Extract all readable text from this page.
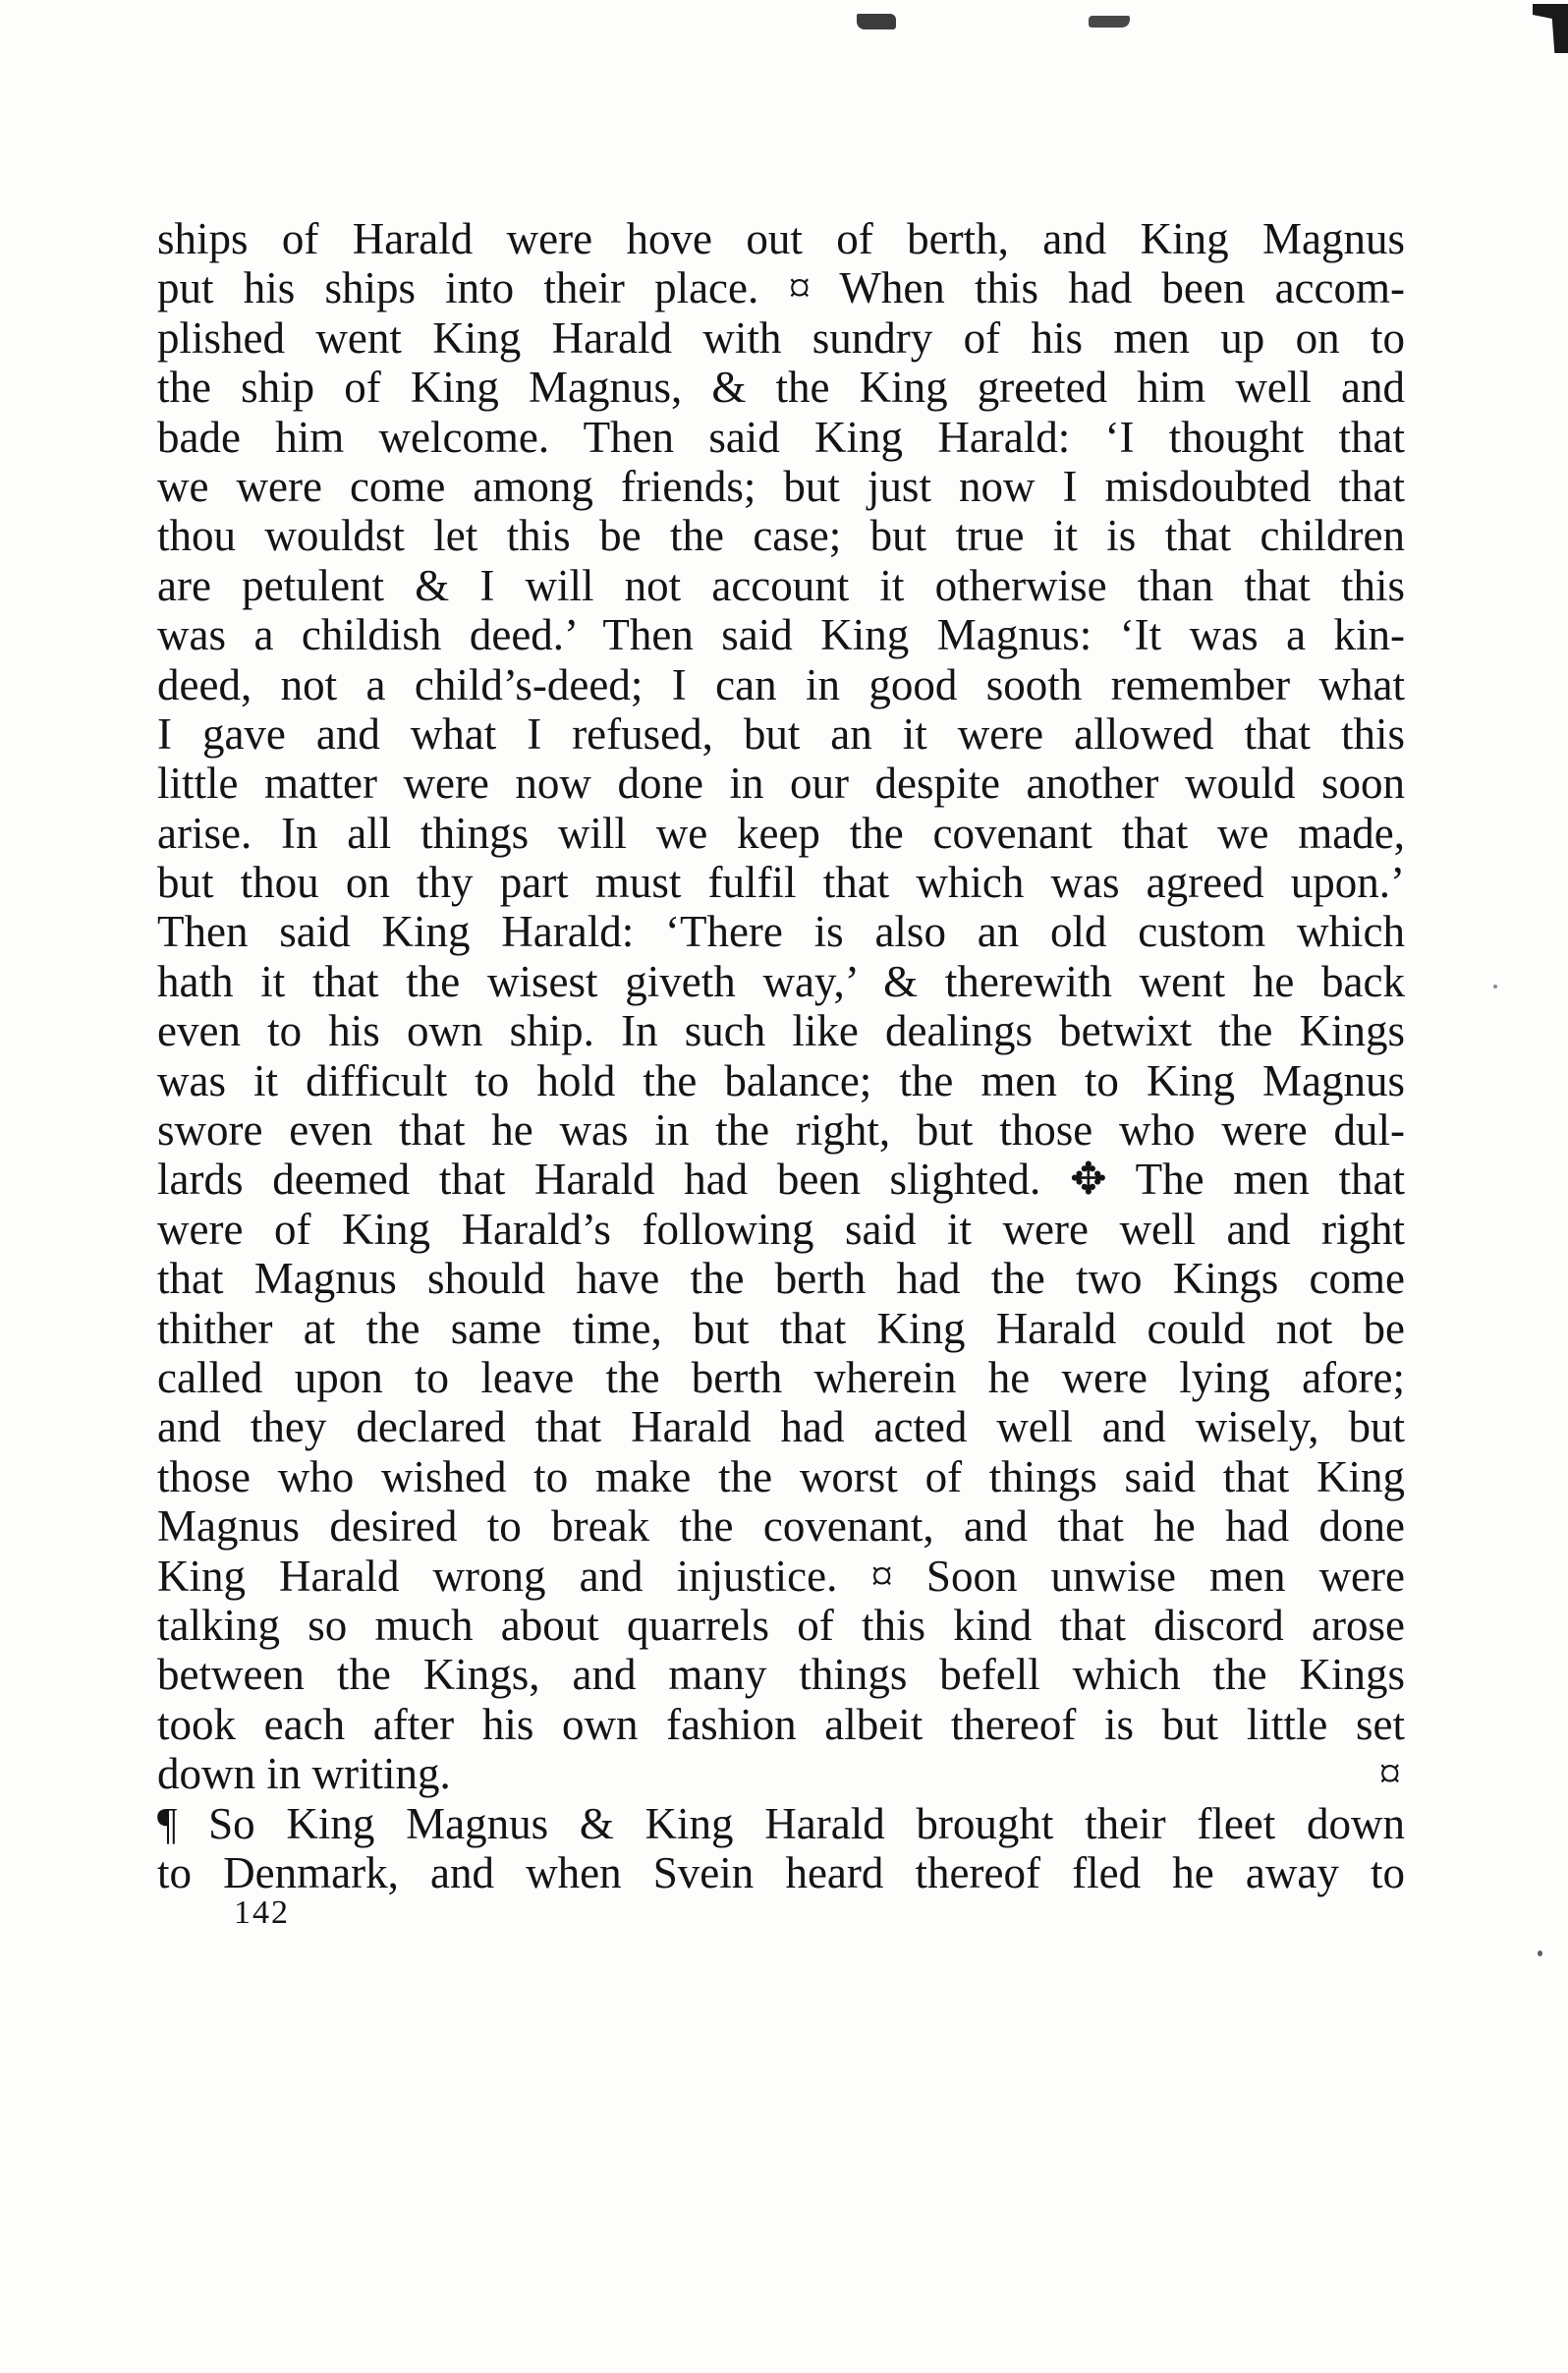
ships of Harald were hove out of berth, and King Magnus
put his ships into their place. ¤ When this had been accom‐
plished went King Harald with sundry of his men up on to
the ship of King Magnus, & the King greeted him well and
bade him welcome. Then said King Harald: ‘I thought that
we were come among friends; but just now I misdoubted that
thou wouldst let this be the case; but true it is that children
are petulent & I will not account it otherwise than that this
was a childish deed.’ Then said King Magnus: ‘It was a kin‐
deed, not a child’s‐deed; I can in good sooth remember what
I gave and what I refused, but an it were allowed that this
little matter were now done in our despite another would soon
arise. In all things will we keep the covenant that we made,
but thou on thy part must fulfil that which was agreed upon.’
Then said King Harald: ‘There is also an old custom which
hath it that the wisest giveth way,’ & therewith went he back
even to his own ship. In such like dealings betwixt the Kings
was it difficult to hold the balance; the men to King Magnus
swore even that he was in the right, but those who were dul‐
lards deemed that Harald had been slighted. ✥ The men that
were of King Harald’s following said it were well and right
that Magnus should have the berth had the two Kings come
thither at the same time, but that King Harald could not be
called upon to leave the berth wherein he were lying afore;
and they declared that Harald had acted well and wisely, but
those who wished to make the worst of things said that King
Magnus desired to break the covenant, and that he had done
King Harald wrong and injustice. ¤ Soon unwise men were
talking so much about quarrels of this kind that discord arose
between the Kings, and many things befell which the Kings
took each after his own fashion albeit thereof is but little set
down in writing.	¤
¶ So King Magnus & King Harald brought their fleet down
to Denmark, and when Svein heard thereof fled he away to
142
